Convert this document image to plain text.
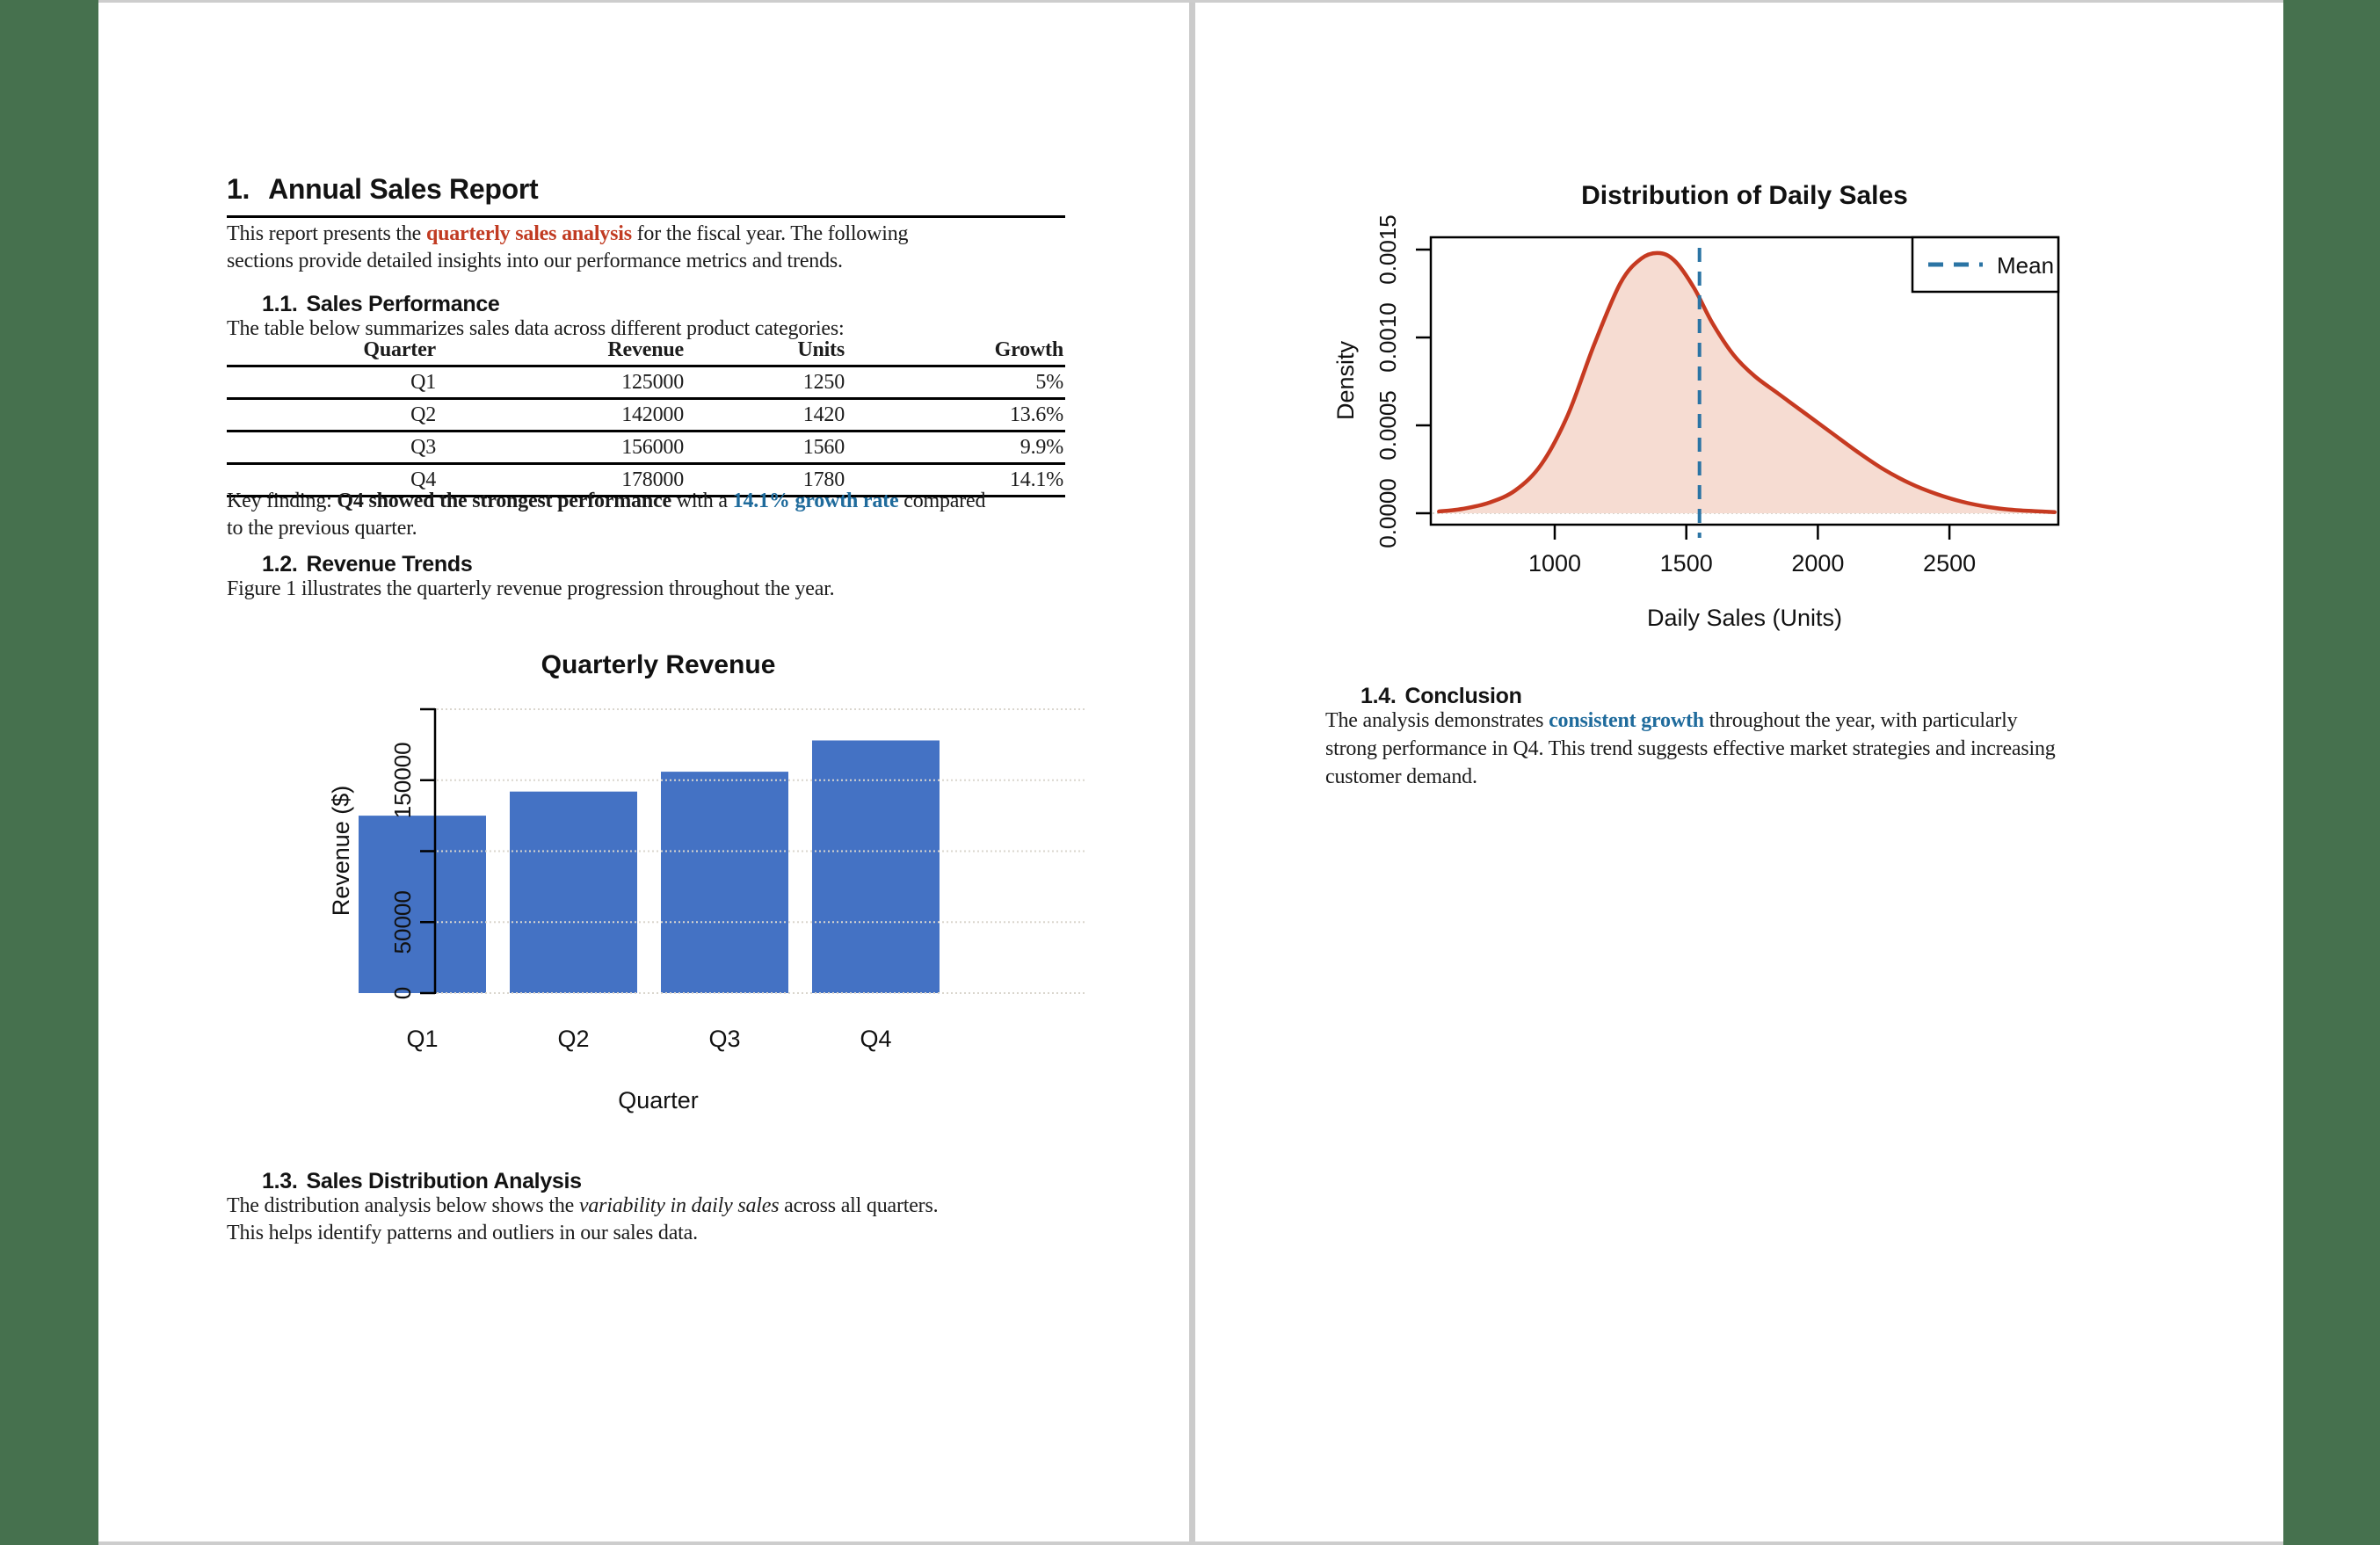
1. Annual Sales Report
This report presents the quarterly sales analysis for the fiscal year. The following
sections provide detailed insights into our performance metrics and trends.
1.1. Sales Performance
The table below summarizes sales data across different product categories:
Quarter	Revenue	Units	Growth
Q1	125000	1250	5%
Q2	142000	1420	13.6%
Q3	156000	1560	9.9%
Q4	178000	1780	14.1%
Key finding: Q4 showed the strongest performance with a 14.1% growth rate compared
to the previous quarter.
1.2. Revenue Trends
Figure 1 illustrates the quarterly revenue progression throughout the year.
Quarterly Revenue
0
50000
150000
Revenue ($)
Q1	Q2	Q3	Q4
Quarter
1.3. Sales Distribution Analysis
The distribution analysis below shows the variability in daily sales across all quarters.
This helps identify patterns and outliers in our sales data.
Distribution of Daily Sales
0.0000
0.0005
0.0010
0.0015
Density
1000	1500	2000	2500
Daily Sales (Units)
Mean
1.4. Conclusion
The analysis demonstrates consistent growth throughout the year, with particularly
strong performance in Q4. This trend suggests effective market strategies and increasing
customer demand.
